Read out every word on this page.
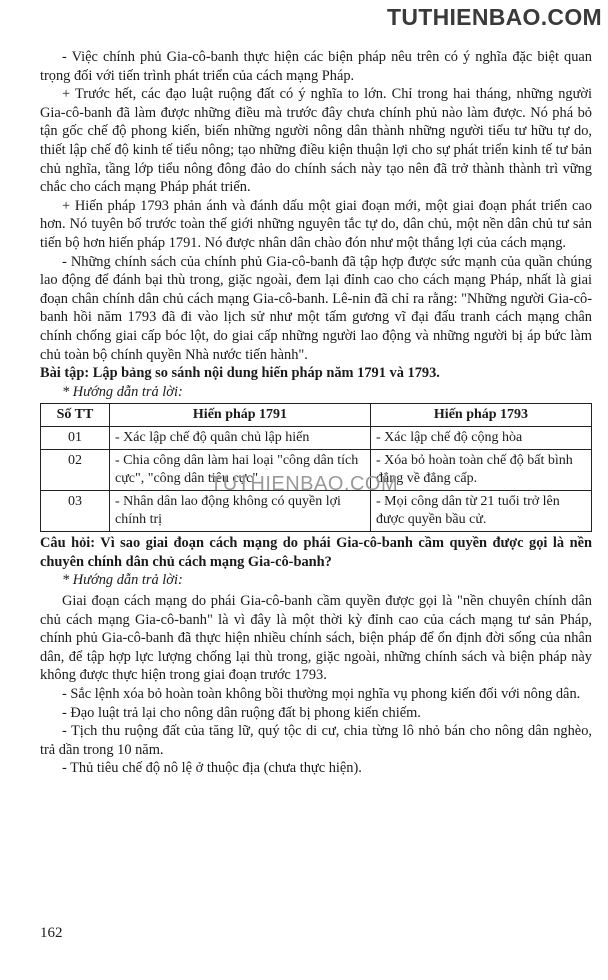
TUTHIENBAO.COM

- Việc chính phủ Gia-cô-banh thực hiện các biện pháp nêu trên có ý nghĩa đặc biệt quan trọng đối với tiến trình phát triển của cách mạng Pháp.

+ Trước hết, các đạo luật ruộng đất có ý nghĩa to lớn. Chỉ trong hai tháng, những người Gia-cô-banh đã làm được những điều mà trước đây chưa chính phủ nào làm được. Nó phá bỏ tận gốc chế độ phong kiến, biến những người nông dân thành những người tiểu tư hữu tự do, thiết lập chế độ kinh tế tiểu nông; tạo những điều kiện thuận lợi cho sự phát triển kinh tế tư bản chủ nghĩa, tầng lớp tiểu nông đông đảo do chính sách này tạo nên đã trở thành thành trì vững chắc cho cách mạng Pháp phát triển.

+ Hiến pháp 1793 phản ánh và đánh dấu một giai đoạn mới, một giai đoạn phát triển cao hơn. Nó tuyên bố trước toàn thế giới những nguyên tắc tự do, dân chủ, một nền dân chủ tư sản tiến bộ hơn hiến pháp 1791. Nó được nhân dân chào đón như một thắng lợi của cách mạng.

- Những chính sách của chính phủ Gia-cô-banh đã tập hợp được sức mạnh của quần chúng lao động để đánh bại thù trong, giặc ngoài, đem lại đỉnh cao cho cách mạng Pháp, nhất là giai đoạn chân chính dân chủ cách mạng Gia-cô-banh. Lê-nin đã chỉ ra rằng: "Những người Gia-cô-banh hồi năm 1793 đã đi vào lịch sử như một tấm gương vĩ đại đấu tranh cách mạng chân chính chống giai cấp bóc lột, do giai cấp những người lao động và những người bị áp bức làm chủ toàn bộ chính quyền Nhà nước tiến hành".

Bài tập: Lập bảng so sánh nội dung hiến pháp năm 1791 và 1793.

* Hướng dẫn trả lời:

Số TT	Hiến pháp 1791	Hiến pháp 1793
01	- Xác lập chế độ quân chủ lập hiến	- Xác lập chế độ cộng hòa
02	- Chia công dân làm hai loại "công dân tích cực", "công dân tiêu cực"	- Xóa bỏ hoàn toàn chế độ bất bình đẳng về đẳng cấp.
03	- Nhân dân lao động không có quyền lợi chính trị	- Mọi công dân từ 21 tuổi trở lên được quyền bầu cử.

Câu hỏi: Vì sao giai đoạn cách mạng do phái Gia-cô-banh cầm quyền được gọi là nền chuyên chính dân chủ cách mạng Gia-cô-banh?

* Hướng dẫn trả lời:

Giai đoạn cách mạng do phái Gia-cô-banh cầm quyền được gọi là "nền chuyên chính dân chủ cách mạng Gia-cô-banh" là vì đây là một thời kỳ đỉnh cao của cách mạng tư sản Pháp, chính phủ Gia-cô-banh đã thực hiện nhiều chính sách, biện pháp để ổn định đời sống của nhân dân, để tập hợp lực lượng chống lại thù trong, giặc ngoài, những chính sách và biện pháp này không được thực hiện trong giai đoạn trước 1793.

- Sắc lệnh xóa bỏ hoàn toàn không bồi thường mọi nghĩa vụ phong kiến đối với nông dân.

- Đạo luật trả lại cho nông dân ruộng đất bị phong kiến chiếm.

- Tịch thu ruộng đất của tăng lữ, quý tộc di cư, chia từng lô nhỏ bán cho nông dân nghèo, trả dần trong 10 năm.

- Thủ tiêu chế độ nô lệ ở thuộc địa (chưa thực hiện).

TUTHIENBAO.COM
162
